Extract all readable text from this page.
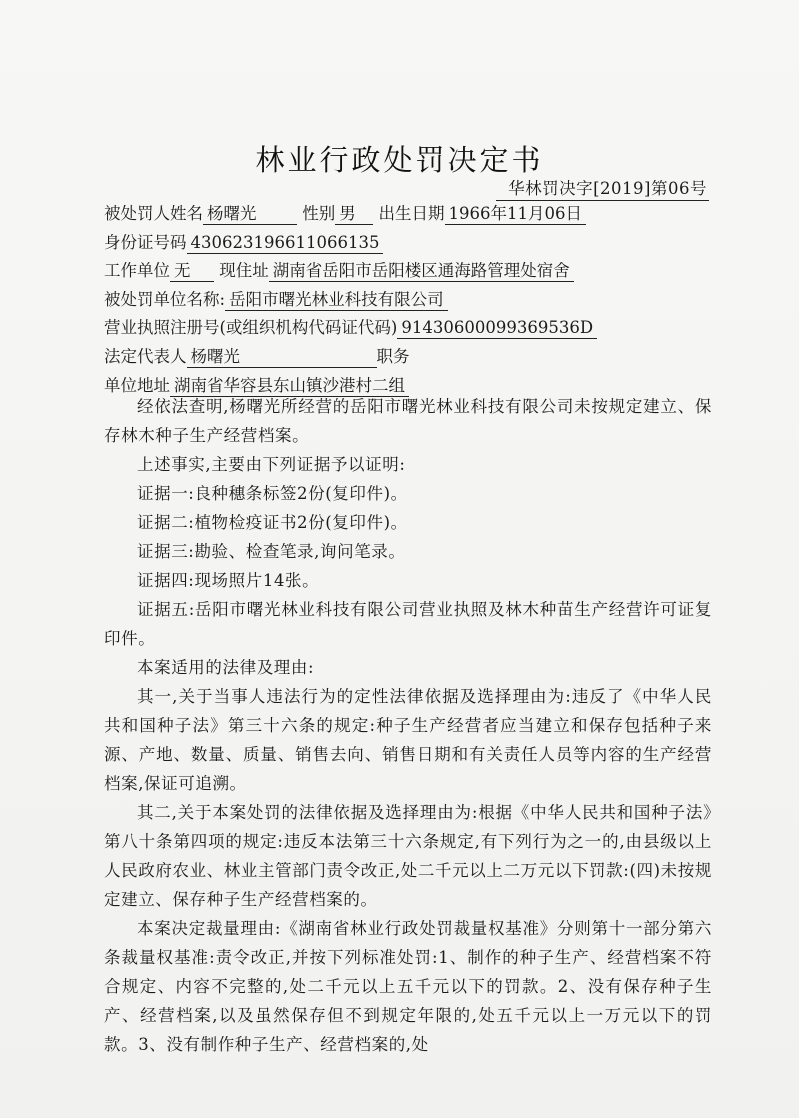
林业行政处罚决定书
华林罚决字[2019]第06号
被处罚人姓名 杨曙光	性别 男 出生日期 1966年11月06日
身份证号码 430623196611066135
工作单位 无 现住址 湖南省岳阳市岳阳楼区通海路管理处宿舍
被处罚单位名称: 岳阳市曙光林业科技有限公司
营业执照注册号(或组织机构代码证代码) 91430600099369536D
法定代表人 杨曙光	职务
单位地址 湖南省华容县东山镇沙港村二组
经依法查明,杨曙光所经营的岳阳市曙光林业科技有限公司未按规定建立、保存林木种子生产经营档案。
上述事实,主要由下列证据予以证明:
证据一:良种穗条标签2份(复印件)。
证据二:植物检疫证书2份(复印件)。
证据三:勘验、检查笔录,询问笔录。
证据四:现场照片14张。
证据五:岳阳市曙光林业科技有限公司营业执照及林木种苗生产经营许可证复印件。
本案适用的法律及理由:
其一,关于当事人违法行为的定性法律依据及选择理由为:违反了《中华人民共和国种子法》第三十六条的规定:种子生产经营者应当建立和保存包括种子来源、产地、数量、质量、销售去向、销售日期和有关责任人员等内容的生产经营档案,保证可追溯。
其二,关于本案处罚的法律依据及选择理由为:根据《中华人民共和国种子法》第八十条第四项的规定:违反本法第三十六条规定,有下列行为之一的,由县级以上人民政府农业、林业主管部门责令改正,处二千元以上二万元以下罚款:(四)未按规定建立、保存种子生产经营档案的。
本案决定裁量理由:《湖南省林业行政处罚裁量权基准》分则第十一部分第六条裁量权基准:责令改正,并按下列标准处罚:1、制作的种子生产、经营档案不符合规定、内容不完整的,处二千元以上五千元以下的罚款。2、没有保存种子生产、经营档案,以及虽然保存但不到规定年限的,处五千元以上一万元以下的罚款。3、没有制作种子生产、经营档案的,处
